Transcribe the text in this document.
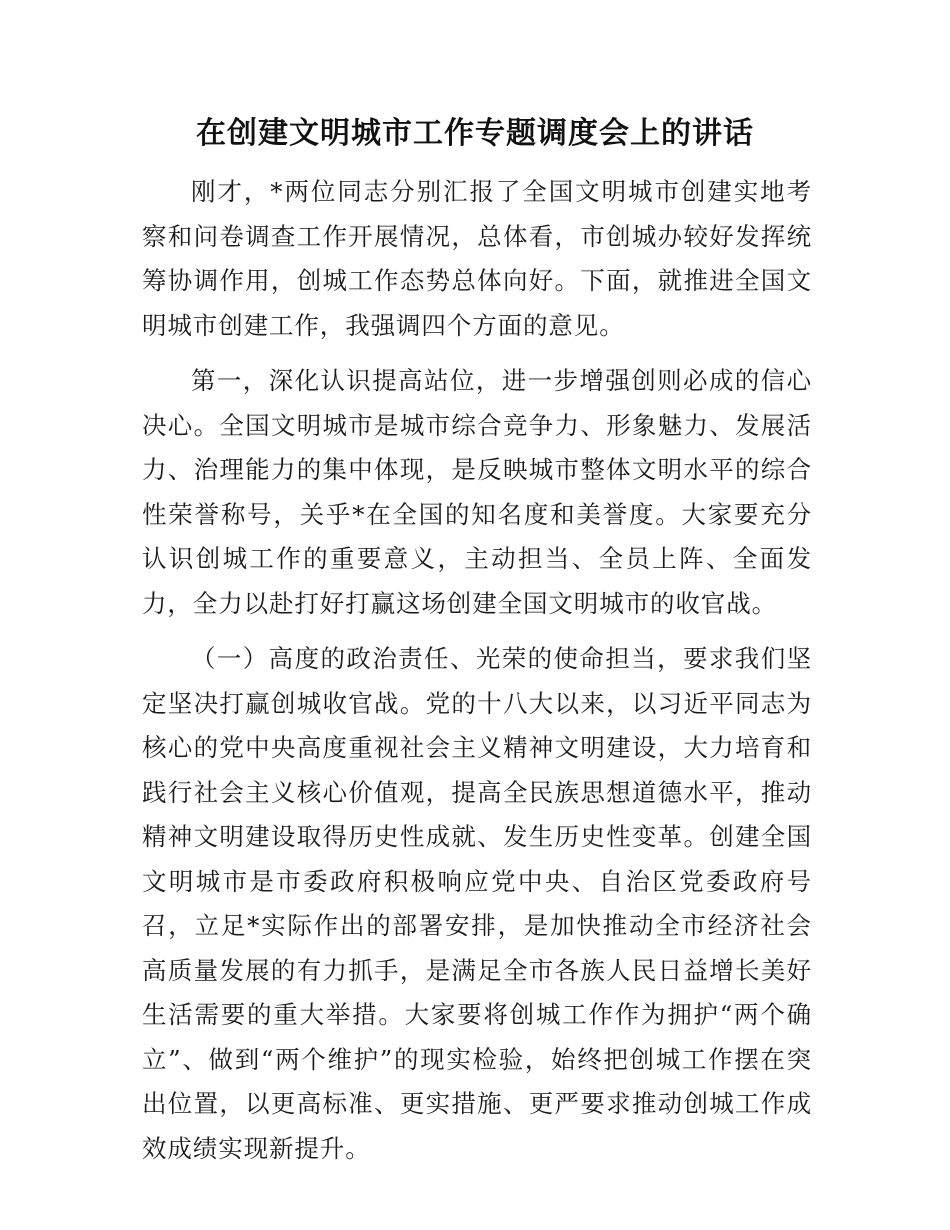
在创建文明城市工作专题调度会上的讲话

刚才，*两位同志分别汇报了全国文明城市创建实地考察和问卷调查工作开展情况，总体看，市创城办较好发挥统筹协调作用，创城工作态势总体向好。下面，就推进全国文明城市创建工作，我强调四个方面的意见。

第一，深化认识提高站位，进一步增强创则必成的信心决心。全国文明城市是城市综合竞争力、形象魅力、发展活力、治理能力的集中体现，是反映城市整体文明水平的综合性荣誉称号，关乎*在全国的知名度和美誉度。大家要充分认识创城工作的重要意义，主动担当、全员上阵、全面发力，全力以赴打好打赢这场创建全国文明城市的收官战。

（一）高度的政治责任、光荣的使命担当，要求我们坚定坚决打赢创城收官战。党的十八大以来，以习近平同志为核心的党中央高度重视社会主义精神文明建设，大力培育和践行社会主义核心价值观，提高全民族思想道德水平，推动精神文明建设取得历史性成就、发生历史性变革。创建全国文明城市是市委政府积极响应党中央、自治区党委政府号召，立足*实际作出的部署安排，是加快推动全市经济社会高质量发展的有力抓手，是满足全市各族人民日益增长美好生活需要的重大举措。大家要将创城工作作为拥护“两个确立”、做到“两个维护”的现实检验，始终把创城工作摆在突出位置，以更高标准、更实措施、更严要求推动创城工作成效成绩实现新提升。
